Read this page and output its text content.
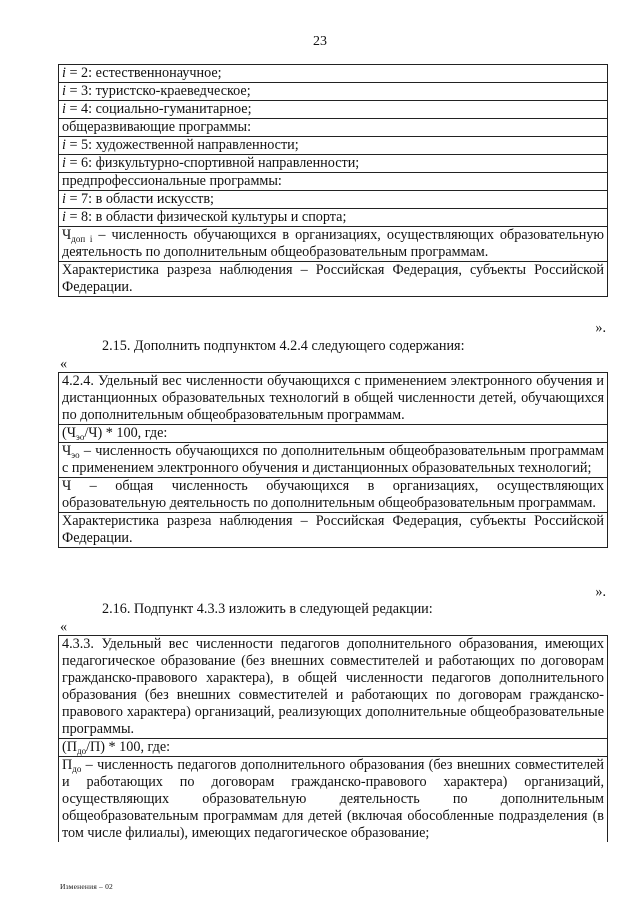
23
i = 2: естественнонаучное;
i = 3: туристско-краеведческое;
i = 4: социально-гуманитарное;
общеразвивающие программы:
i = 5: художественной направленности;
i = 6: физкультурно-спортивной направленности;
предпрофессиональные программы:
i = 7: в области искусств;
i = 8: в области физической культуры и спорта;
$Ч_{доп}$ $_i$ – численность обучающихся в организациях, осуществляющих образовательную деятельность по дополнительным общеобразовательным программам.
Характеристика разреза наблюдения – Российская Федерация, субъекты Российской Федерации.
».
2.15. Дополнить подпунктом 4.2.4 следующего содержания:
«
4.2.4. Удельный вес численности обучающихся с применением электронного обучения и дистанционных образовательных технологий в общей численности детей, обучающихся по дополнительным общеобразовательным программам.
$(Ч_{эо}/Ч) * 100$, где:
$Ч_{эо}$ – численность обучающихся по дополнительным общеобразовательным программам с применением электронного обучения и дистанционных образовательных технологий;
Ч – общая численность обучающихся в организациях, осуществляющих образовательную деятельность по дополнительным общеобразовательным программам.
Характеристика разреза наблюдения – Российская Федерация, субъекты Российской Федерации.
».
2.16. Подпункт 4.3.3 изложить в следующей редакции:
«
4.3.3. Удельный вес численности педагогов дополнительного образования, имеющих педагогическое образование (без внешних совместителей и работающих по договорам гражданско-правового характера), в общей численности педагогов дополнительного образования (без внешних совместителей и работающих по договорам гражданско-правового характера) организаций, реализующих дополнительные общеобразовательные программы.
$(П_{до}/П) * 100$, где:
$П_{до}$ – численность педагогов дополнительного образования (без внешних совместителей и работающих по договорам гражданско-правового характера) организаций, осуществляющих образовательную деятельность по дополнительным общеобразовательным программам для детей (включая обособленные подразделения (в том числе филиалы), имеющих педагогическое образование;
Изменения – 02
